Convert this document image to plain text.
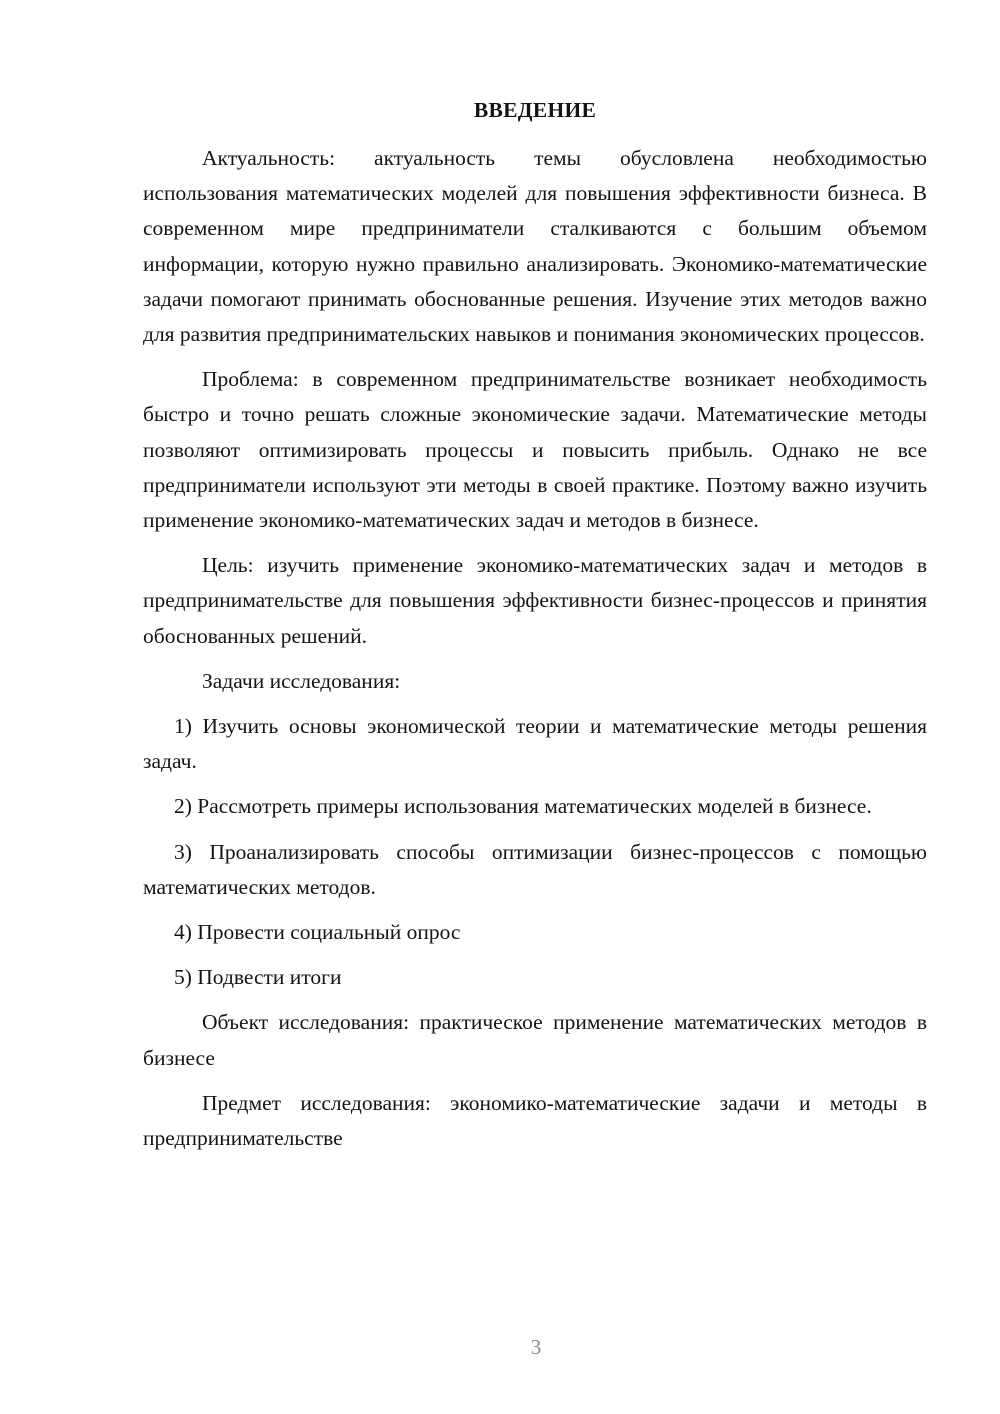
ВВЕДЕНИЕ

Актуальность: актуальность темы обусловлена необходимостью использования математических моделей для повышения эффективности бизнеса. В современном мире предприниматели сталкиваются с большим объемом информации, которую нужно правильно анализировать. Экономико-математические задачи помогают принимать обоснованные решения. Изучение этих методов важно для развития предпринимательских навыков и понимания экономических процессов.

Проблема: в современном предпринимательстве возникает необходимость быстро и точно решать сложные экономические задачи. Математические методы позволяют оптимизировать процессы и повысить прибыль. Однако не все предприниматели используют эти методы в своей практике. Поэтому важно изучить применение экономико-математических задач и методов в бизнесе.

Цель: изучить применение экономико-математических задач и методов в предпринимательстве для повышения эффективности бизнес-процессов и принятия обоснованных решений.

Задачи исследования:

1) Изучить основы экономической теории и математические методы решения задач.

2) Рассмотреть примеры использования математических моделей в бизнесе.

3) Проанализировать способы оптимизации бизнес-процессов с помощью математических методов.

4) Провести социальный опрос

5) Подвести итоги

Объект исследования: практическое применение математических методов в бизнесе

Предмет исследования: экономико-математические задачи и методы в предпринимательстве

3
